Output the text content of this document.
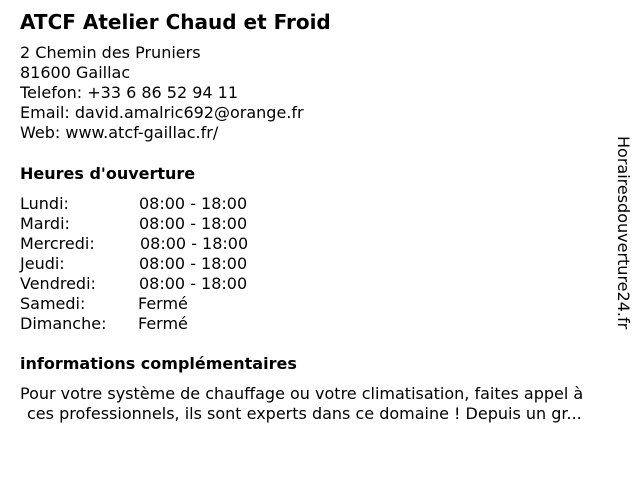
ATCF Atelier Chaud et Froid
2 Chemin des Pruniers
81600 Gaillac
Telefon: +33 6 86 52 94 11
Email: david.amalric692@orange.fr
Web: www.atcf-gaillac.fr/
Heures d'ouverture
Lundi:	08:00 - 18:00
Mardi:	08:00 - 18:00
Mercredi:	08:00 - 18:00
Jeudi:	08:00 - 18:00
Vendredi:	08:00 - 18:00
Samedi:	Fermé
Dimanche: Fermé
informations complémentaires
Pour votre système de chauffage ou votre climatisation, faites appel à
ces professionnels, ils sont experts dans ce domaine ! Depuis un gr...
Horairesdouverture24.fr
